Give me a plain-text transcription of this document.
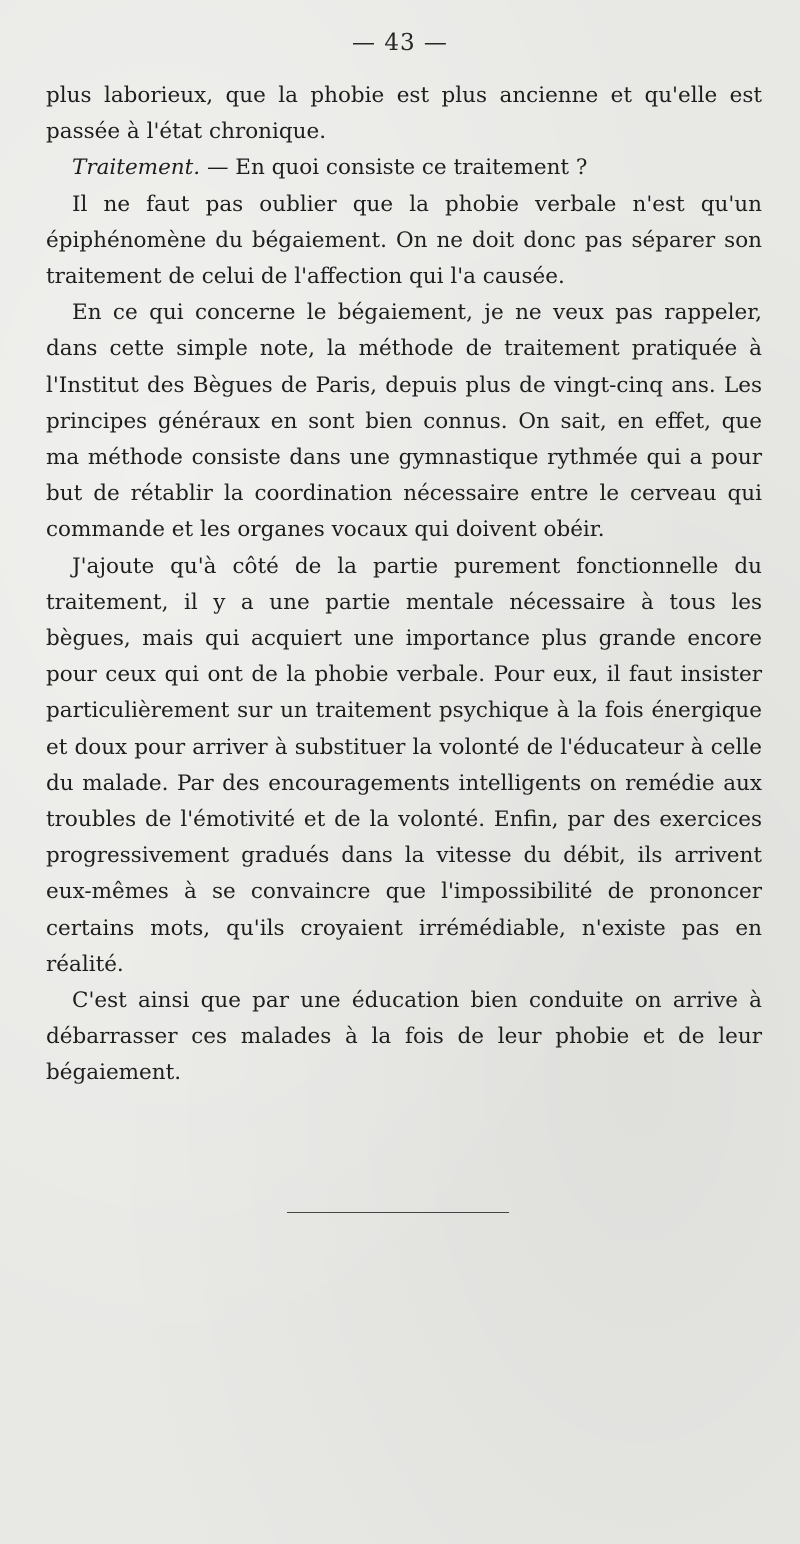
— 43 —

plus laborieux, que la phobie est plus ancienne et qu'elle est passée à l'état chronique.

Traitement. — En quoi consiste ce traitement ?

Il ne faut pas oublier que la phobie verbale n'est qu'un épiphénomène du bégaiement. On ne doit donc pas séparer son traitement de celui de l'affection qui l'a causée.

En ce qui concerne le bégaiement, je ne veux pas rappeler, dans cette simple note, la méthode de traitement pratiquée à l'Institut des Bègues de Paris, depuis plus de vingt-cinq ans. Les principes généraux en sont bien connus. On sait, en effet, que ma méthode consiste dans une gymnastique rythmée qui a pour but de rétablir la coordination nécessaire entre le cerveau qui commande et les organes vocaux qui doivent obéir.

J'ajoute qu'à côté de la partie purement fonctionnelle du traitement, il y a une partie mentale nécessaire à tous les bègues, mais qui acquiert une importance plus grande encore pour ceux qui ont de la phobie verbale. Pour eux, il faut insister particulièrement sur un traitement psychique à la fois énergique et doux pour arriver à substituer la volonté de l'éducateur à celle du malade. Par des encouragements intelligents on remédie aux troubles de l'émotivité et de la volonté. Enfin, par des exercices progressivement gradués dans la vitesse du débit, ils arrivent eux-mêmes à se convaincre que l'impossibilité de prononcer certains mots, qu'ils croyaient irrémédiable, n'existe pas en réalité.

C'est ainsi que par une éducation bien conduite on arrive à débarrasser ces malades à la fois de leur phobie et de leur bégaiement.
